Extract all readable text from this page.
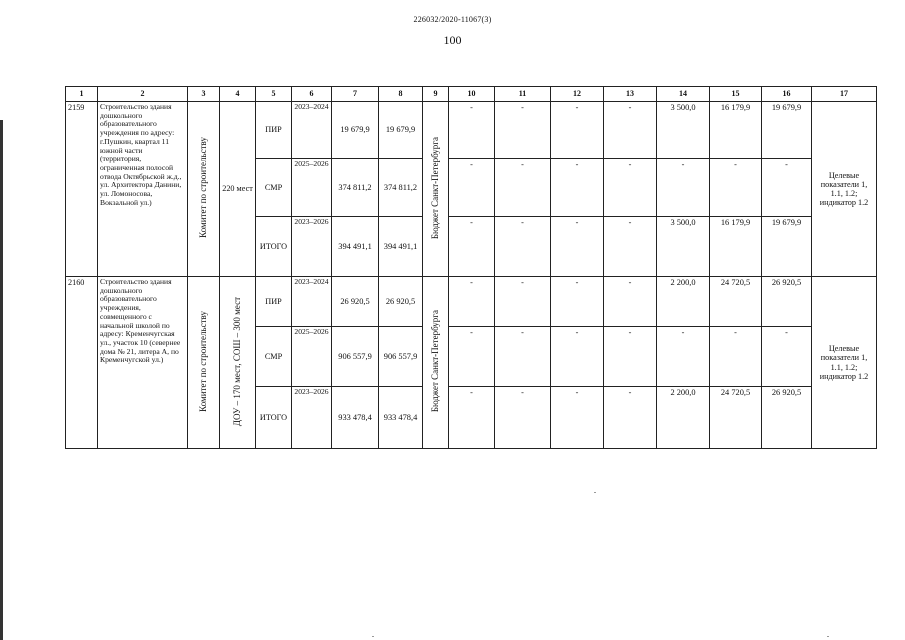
226032/2020-11067(3)
100
1	2	3	4	5	6	7	8	9	10	11	12	13	14	15	16	17
2159	Строительство здания дошкольного образовательного учреждения по адресу: г.Пушкин, квартал 11 южной части (территория, ограниченная полосой отвода Октябрьской ж.д., ул. Архитектора Данини, ул. Ломоносова, Вокзальной ул.)	Комитет по строительству	220 мест	ПИР	2023–2024	19 679,9	19 679,9	Бюджет Санкт-Петербурга	-	-	-	-	3 500,0	16 179,9	19 679,9	Целевые показатели 1, 1.1, 1.2; индикатор 1.2
				СМР	2025–2026	374 811,2	374 811,2		-	-	-	-	-	-	-	
				ИТОГО	2023–2026	394 491,1	394 491,1		-	-	-	-	3 500,0	16 179,9	19 679,9	
2160	Строительство здания дошкольного образовательного учреждения, совмещенного с начальной школой по адресу: Кременчугская ул., участок 10 (севернее дома № 21, литера А, по Кременчугской ул.)	Комитет по строительству	ДОУ – 170 мест, СОШ – 300 мест	ПИР	2023–2024	26 920,5	26 920,5	Бюджет Санкт-Петербурга	-	-	-	-	2 200,0	24 720,5	26 920,5	Целевые показатели 1, 1.1, 1.2; индикатор 1.2
				СМР	2025–2026	906 557,9	906 557,9		-	-	-	-	-	-	-	
				ИТОГО	2023–2026	933 478,4	933 478,4		-	-	-	-	2 200,0	24 720,5	26 920,5	
